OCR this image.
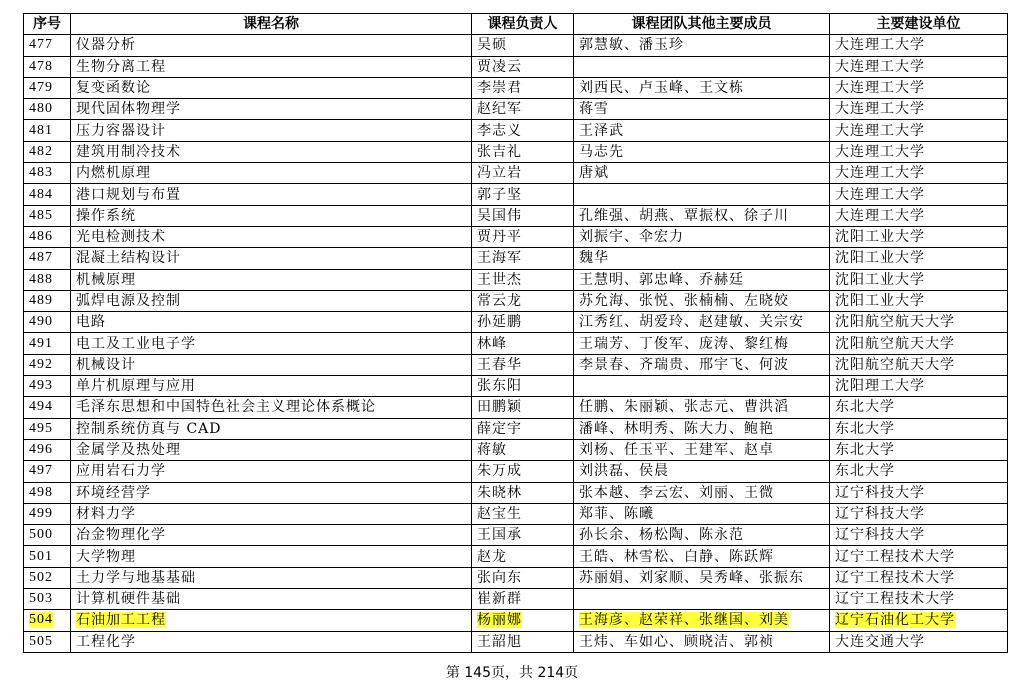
序号	课程名称	课程负责人	课程团队其他主要成员	主要建设单位
477	仪器分析	吴硕	郭慧敏、潘玉珍	大连理工大学
478	生物分离工程	贾凌云		大连理工大学
479	复变函数论	李崇君	刘西民、卢玉峰、王文栋	大连理工大学
480	现代固体物理学	赵纪军	蒋雪	大连理工大学
481	压力容器设计	李志义	王泽武	大连理工大学
482	建筑用制冷技术	张吉礼	马志先	大连理工大学
483	内燃机原理	冯立岩	唐斌	大连理工大学
484	港口规划与布置	郭子坚		大连理工大学
485	操作系统	吴国伟	孔维强、胡燕、覃振权、徐子川	大连理工大学
486	光电检测技术	贾丹平	刘振宇、伞宏力	沈阳工业大学
487	混凝土结构设计	王海军	魏华	沈阳工业大学
488	机械原理	王世杰	王慧明、郭忠峰、乔赫廷	沈阳工业大学
489	弧焊电源及控制	常云龙	苏允海、张悦、张楠楠、左晓姣	沈阳工业大学
490	电路	孙延鹏	江秀红、胡爱玲、赵建敏、关宗安	沈阳航空航天大学
491	电工及工业电子学	林峰	王瑞芳、丁俊军、庞涛、黎红梅	沈阳航空航天大学
492	机械设计	王春华	李景春、齐瑞贵、邢宇飞、何波	沈阳航空航天大学
493	单片机原理与应用	张东阳		沈阳理工大学
494	毛泽东思想和中国特色社会主义理论体系概论	田鹏颖	任鹏、朱丽颖、张志元、曹洪滔	东北大学
495	控制系统仿真与 CAD	薛定宇	潘峰、林明秀、陈大力、鲍艳	东北大学
496	金属学及热处理	蒋敏	刘杨、任玉平、王建军、赵卓	东北大学
497	应用岩石力学	朱万成	刘洪磊、侯晨	东北大学
498	环境经营学	朱晓林	张本越、李云宏、刘丽、王微	辽宁科技大学
499	材料力学	赵宝生	郑菲、陈曦	辽宁科技大学
500	冶金物理化学	王国承	孙长余、杨松陶、陈永范	辽宁科技大学
501	大学物理	赵龙	王皓、林雪松、白静、陈跃辉	辽宁工程技术大学
502	土力学与地基基础	张向东	苏丽娟、刘家顺、吴秀峰、张振东	辽宁工程技术大学
503	计算机硬件基础	崔新群		辽宁工程技术大学
504	石油加工工程	杨丽娜	王海彦、赵荣祥、张继国、刘美	辽宁石油化工大学
505	工程化学	王韶旭	王炜、车如心、顾晓洁、郭祯	大连交通大学
第 145页，共 214页
